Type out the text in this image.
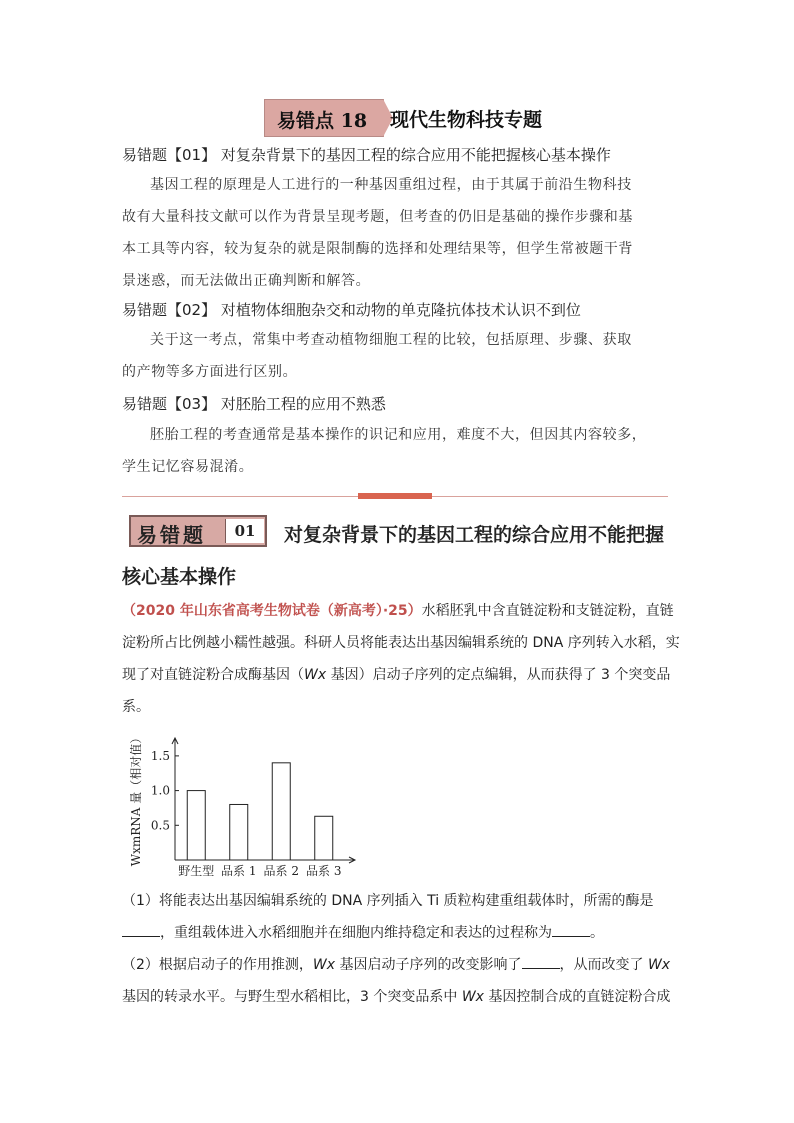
易错点 18 现代生物科技专题
易错题【01】 对复杂背景下的基因工程的综合应用不能把握核心基本操作
基因工程的原理是人工进行的一种基因重组过程，由于其属于前沿生物科技
故有大量科技文献可以作为背景呈现考题，但考查的仍旧是基础的操作步骤和基
本工具等内容，较为复杂的就是限制酶的选择和处理结果等，但学生常被题干背
景迷惑，而无法做出正确判断和解答。
易错题【02】 对植物体细胞杂交和动物的单克隆抗体技术认识不到位
关于这一考点，常集中考查动植物细胞工程的比较，包括原理、步骤、获取
的产物等多方面进行区别。
易错题【03】 对胚胎工程的应用不熟悉
胚胎工程的考查通常是基本操作的识记和应用，难度不大，但因其内容较多，
学生记忆容易混淆。
易错题	01	对复杂背景下的基因工程的综合应用不能把握
核心基本操作
（2020 年山东省高考生物试卷（新高考）·25）水稻胚乳中含直链淀粉和支链淀粉，直链
淀粉所占比例越小糯性越强。科研人员将能表达出基因编辑系统的 DNA 序列转入水稻，实
现了对直链淀粉合成酶基因（Wx 基因）启动子序列的定点编辑，从而获得了 3 个突变品
系。
0.5
1.0
1.5
WxmRNA 量（相对值）
野生型 品系 1 品系 2 品系 3
（1）将能表达出基因编辑系统的 DNA 序列插入 Ti 质粒构建重组载体时，所需的酶是
，重组载体进入水稻细胞并在细胞内维持稳定和表达的过程称为	。
（2）根据启动子的作用推测，Wx 基因启动子序列的改变影响了	，从而改变了 Wx
基因的转录水平。与野生型水稻相比，3 个突变品系中 Wx 基因控制合成的直链淀粉合成
